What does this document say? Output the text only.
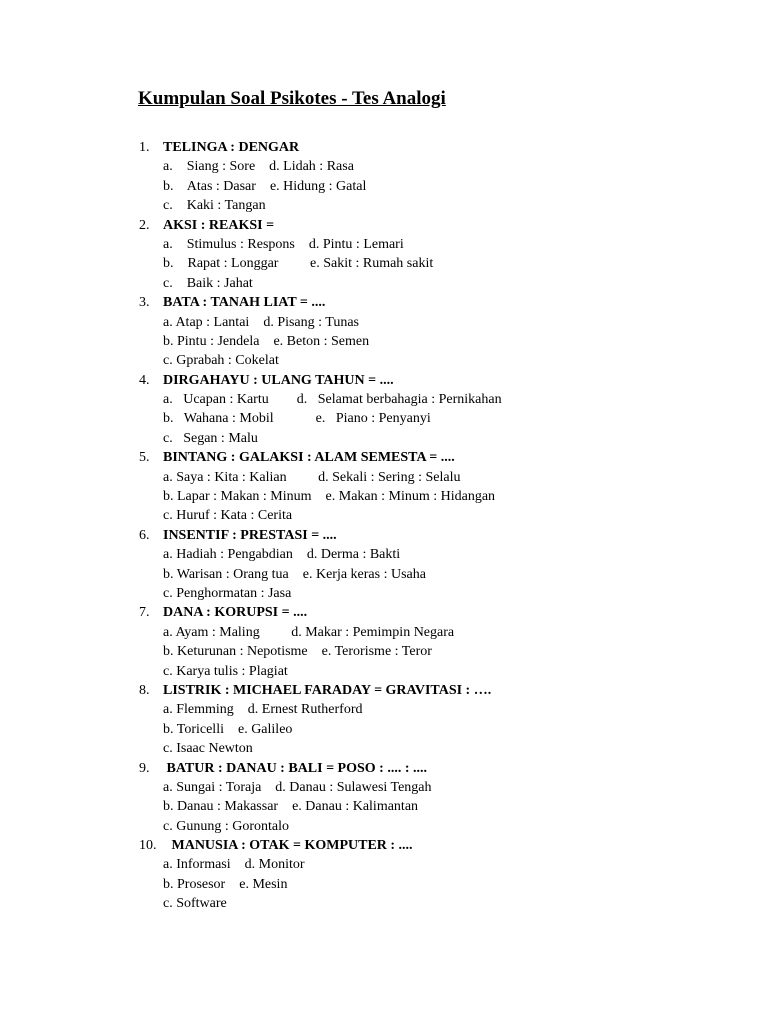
Kumpulan Soal Psikotes - Tes Analogi
1. TELINGA : DENGAR
a.    Siang : Sore    d. Lidah : Rasa
b.    Atas : Dasar    e. Hidung : Gatal
c.    Kaki : Tangan
2. AKSI : REAKSI =
a.    Stimulus : Respons    d. Pintu : Lemari
b.    Rapat : Longgar         e. Sakit : Rumah sakit
c.    Baik : Jahat
3. BATA : TANAH LIAT = ....
a. Atap : Lantai    d. Pisang : Tunas
b. Pintu : Jendela    e. Beton : Semen
c. Gprabah : Cokelat
4. DIRGAHAYU : ULANG TAHUN = ....
a.   Ucapan : Kartu        d.   Selamat berbahagia : Pernikahan
b.   Wahana : Mobil            e.   Piano : Penyanyi
c.   Segan : Malu
5. BINTANG : GALAKSI : ALAM SEMESTA = ....
a. Saya : Kita : Kalian         d. Sekali : Sering : Selalu
b. Lapar : Makan : Minum    e. Makan : Minum : Hidangan
c. Huruf : Kata : Cerita
6. INSENTIF : PRESTASI = ....
a. Hadiah : Pengabdian    d. Derma : Bakti
b. Warisan : Orang tua    e. Kerja keras : Usaha
c. Penghormatan : Jasa
7. DANA : KORUPSI = ....
a. Ayam : Maling         d. Makar : Pemimpin Negara
b. Keturunan : Nepotisme    e. Terorisme : Teror
c. Karya tulis : Plagiat
8. LISTRIK : MICHAEL FARADAY = GRAVITASI : ….
a. Flemming    d. Ernest Rutherford
b. Toricelli    e. Galileo
c. Isaac Newton
9. BATUR : DANAU : BALI = POSO : .... : ....
a. Sungai : Toraja    d. Danau : Sulawesi Tengah
b. Danau : Makassar    e. Danau : Kalimantan
c. Gunung : Gorontalo
10. MANUSIA : OTAK = KOMPUTER : ....
a. Informasi    d. Monitor
b. Prosesor    e. Mesin
c. Software
